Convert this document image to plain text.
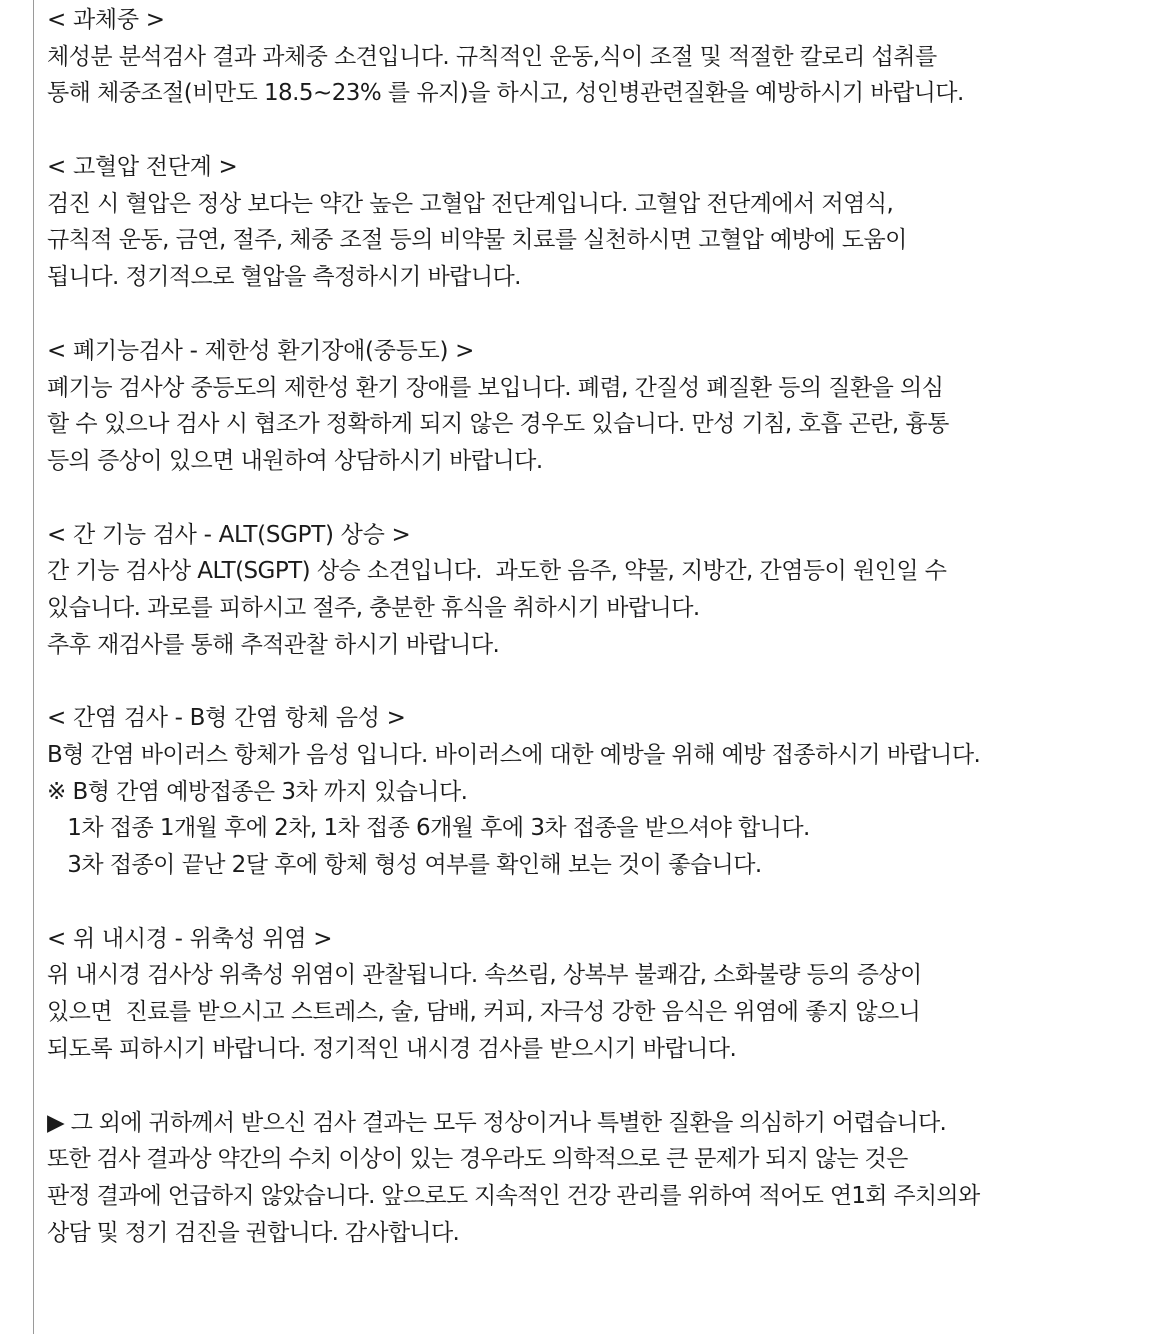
< 과체중 >
체성분 분석검사 결과 과체중 소견입니다. 규칙적인 운동,식이 조절 및 적절한 칼로리 섭취를
통해 체중조절(비만도 18.5~23% 를 유지)을 하시고, 성인병관련질환을 예방하시기 바랍니다.
< 고혈압 전단계 >
검진 시 혈압은 정상 보다는 약간 높은 고혈압 전단계입니다. 고혈압 전단계에서 저염식,
규칙적 운동, 금연, 절주, 체중 조절 등의 비약물 치료를 실천하시면 고혈압 예방에 도움이
됩니다. 정기적으로 혈압을 측정하시기 바랍니다.
< 폐기능검사 - 제한성 환기장애(중등도) >
폐기능 검사상 중등도의 제한성 환기 장애를 보입니다. 폐렴, 간질성 폐질환 등의 질환을 의심
할 수 있으나 검사 시 협조가 정확하게 되지 않은 경우도 있습니다. 만성 기침, 호흡 곤란, 흉통
등의 증상이 있으면 내원하여 상담하시기 바랍니다.
< 간 기능 검사 - ALT(SGPT) 상승 >
간 기능 검사상 ALT(SGPT) 상승 소견입니다.  과도한 음주, 약물, 지방간, 간염등이 원인일 수
있습니다. 과로를 피하시고 절주, 충분한 휴식을 취하시기 바랍니다.
추후 재검사를 통해 추적관찰 하시기 바랍니다.
< 간염 검사 - B형 간염 항체 음성 >
B형 간염 바이러스 항체가 음성 입니다. 바이러스에 대한 예방을 위해 예방 접종하시기 바랍니다.
※ B형 간염 예방접종은 3차 까지 있습니다.
1차 접종 1개월 후에 2차, 1차 접종 6개월 후에 3차 접종을 받으셔야 합니다.
3차 접종이 끝난 2달 후에 항체 형성 여부를 확인해 보는 것이 좋습니다.
< 위 내시경 - 위축성 위염 >
위 내시경 검사상 위축성 위염이 관찰됩니다. 속쓰림, 상복부 불쾌감, 소화불량 등의 증상이
있으면  진료를 받으시고 스트레스, 술, 담배, 커피, 자극성 강한 음식은 위염에 좋지 않으니
되도록 피하시기 바랍니다. 정기적인 내시경 검사를 받으시기 바랍니다.
▶ 그 외에 귀하께서 받으신 검사 결과는 모두 정상이거나 특별한 질환을 의심하기 어렵습니다.
또한 검사 결과상 약간의 수치 이상이 있는 경우라도 의학적으로 큰 문제가 되지 않는 것은
판정 결과에 언급하지 않았습니다. 앞으로도 지속적인 건강 관리를 위하여 적어도 연1회 주치의와
상담 및 정기 검진을 권합니다. 감사합니다.
